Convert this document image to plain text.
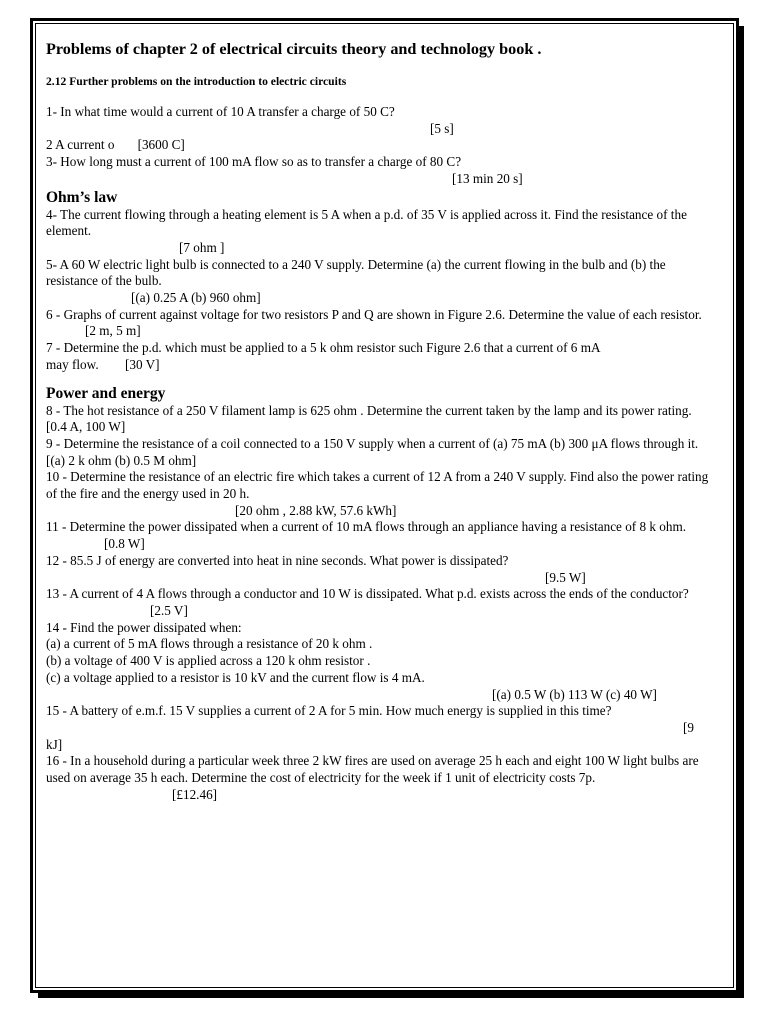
Problems of chapter 2 of electrical circuits theory and technology book .

2.12 Further problems on the introduction to electric circuits

1- In what time would a current of 10 A transfer a charge of 50 C?

[5 s]

2 A current o       [3600 C]

3- How long must a current of 100 mA flow so as to transfer a charge of 80 C?

[13 min 20 s]

Ohm’s law

4- The current flowing through a heating element is 5 A when a p.d. of 35 V is applied across it. Find the resistance of the element.

[7 ohm ]

5- A 60 W electric light bulb is connected to a 240 V supply. Determine (a) the current flowing in the bulb and (b) the resistance of the bulb.

[(a) 0.25 A (b) 960 ohm]

6 - Graphs of current against voltage for two resistors P and Q are shown in Figure 2.6. Determine the value of each resistor.

[2 m, 5 m]

7 - Determine the p.d. which must be applied to a 5 k ohm resistor such Figure 2.6 that a current of 6 mA

may flow.        [30 V]

Power and energy

8 - The hot resistance of a 250 V filament lamp is 625 ohm . Determine the current taken by the lamp and its power rating.

[0.4 A, 100 W]

9 - Determine the resistance of a coil connected to a 150 V supply when a current of (a) 75 mA (b) 300 μA flows through it.

[(a) 2 k ohm (b) 0.5 M ohm]

10 - Determine the resistance of an electric fire which takes a current of 12 A from a 240 V supply. Find also the power rating of the fire and the energy used in 20 h.

[20 ohm , 2.88 kW, 57.6 kWh]

11 - Determine the power dissipated when a current of 10 mA flows through an appliance having a resistance of 8 k ohm.

[0.8 W]

12 - 85.5 J of energy are converted into heat in nine seconds. What power is dissipated?

[9.5 W]

13 - A current of 4 A flows through a conductor and 10 W is dissipated. What p.d. exists across the ends of the conductor?

[2.5 V]

14 - Find the power dissipated when:

(a) a current of 5 mA flows through a resistance of 20 k ohm .

(b) a voltage of 400 V is applied across a 120 k ohm resistor .

(c) a voltage applied to a resistor is 10 kV and the current flow is 4 mA.

[(a) 0.5 W (b) 113 W (c) 40 W]

15 - A battery of e.m.f. 15 V supplies a current of 2 A for 5 min. How much energy is supplied in this time?

[9

kJ]

16 - In a household during a particular week three 2 kW fires are used on average 25 h each and eight 100 W light bulbs are used on average 35 h each. Determine the cost of electricity for the week if 1 unit of electricity costs 7p.

[£12.46]
